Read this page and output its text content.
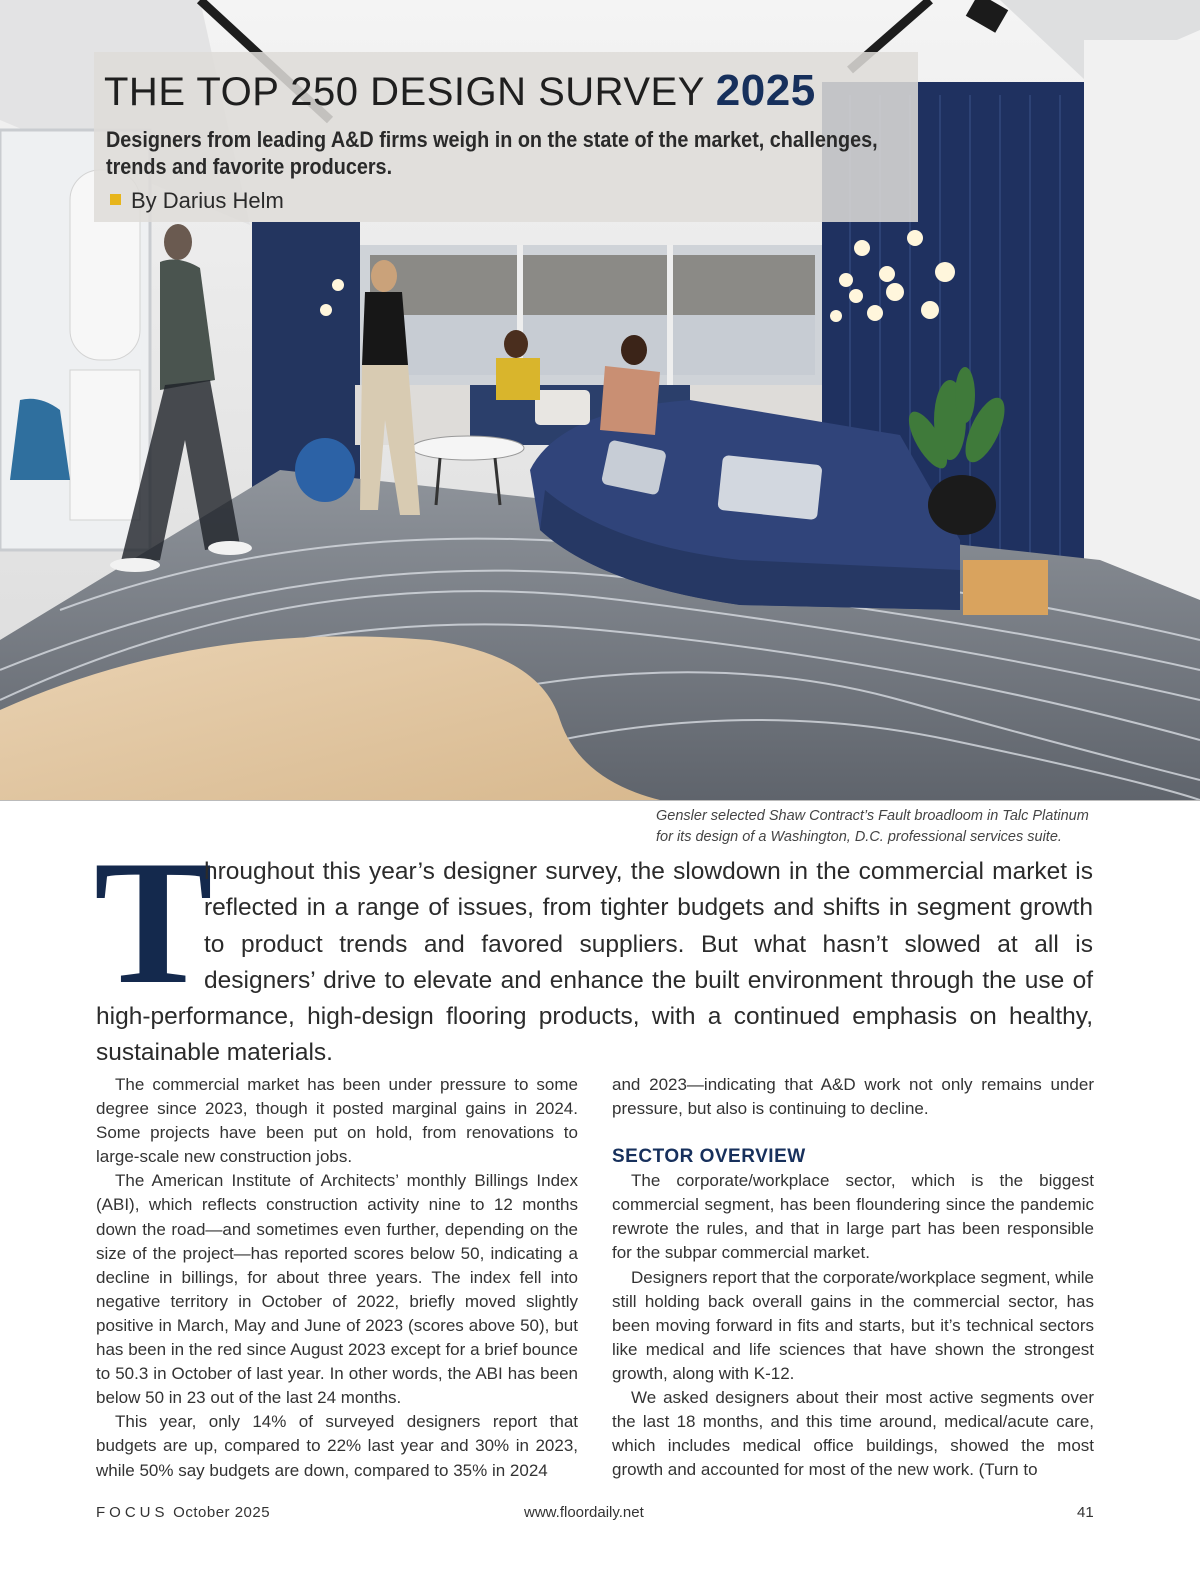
THE TOP 250 DESIGN SURVEY 2025

Designers from leading A&D firms weigh in on the state of the market, challenges, trends and favorite producers.

By Darius Helm
Gensler selected Shaw Contract’s Fault broadloom in Talc Platinum
for its design of a Washington, D.C. professional services suite.

T
hroughout this year’s designer survey, the slowdown in the commercial market is reflected in a range of issues, from tighter budgets and shifts in segment growth to product trends and favored suppliers. But what hasn’t slowed at all is designers’ drive to elevate and enhance the built environment through the use of high-performance, high-design flooring products, with a continued emphasis on healthy, sustainable materials.

The commercial market has been under pressure to some degree since 2023, though it posted marginal gains in 2024. Some projects have been put on hold, from renovations to large-scale new construction jobs.

The American Institute of Architects’ monthly Billings Index (ABI), which reflects construction activity nine to 12 months down the road—and sometimes even further, depending on the size of the project—has reported scores below 50, indicating a decline in billings, for about three years. The index fell into negative territory in October of 2022, briefly moved slightly positive in March, May and June of 2023 (scores above 50), but has been in the red since August 2023 except for a brief bounce to 50.3 in October of last year. In other words, the ABI has been below 50 in 23 out of the last 24 months.

This year, only 14% of surveyed designers report that budgets are up, compared to 22% last year and 30% in 2023, while 50% say budgets are down, compared to 35% in 2024

and 2023—indicating that A&D work not only remains under pressure, but also is continuing to decline.

SECTOR OVERVIEW

The corporate/workplace sector, which is the biggest commercial segment, has been floundering since the pandemic rewrote the rules, and that in large part has been responsible for the subpar commercial market.

Designers report that the corporate/workplace segment, while still holding back overall gains in the commercial sector, has been moving forward in fits and starts, but it’s technical sectors like medical and life sciences that have shown the strongest growth, along with K-12.

We asked designers about their most active segments over the last 18 months, and this time around, medical/acute care, which includes medical office buildings, showed the most growth and accounted for most of the new work. (Turn to

FOCUS October 2025	www.floordaily.net	41
